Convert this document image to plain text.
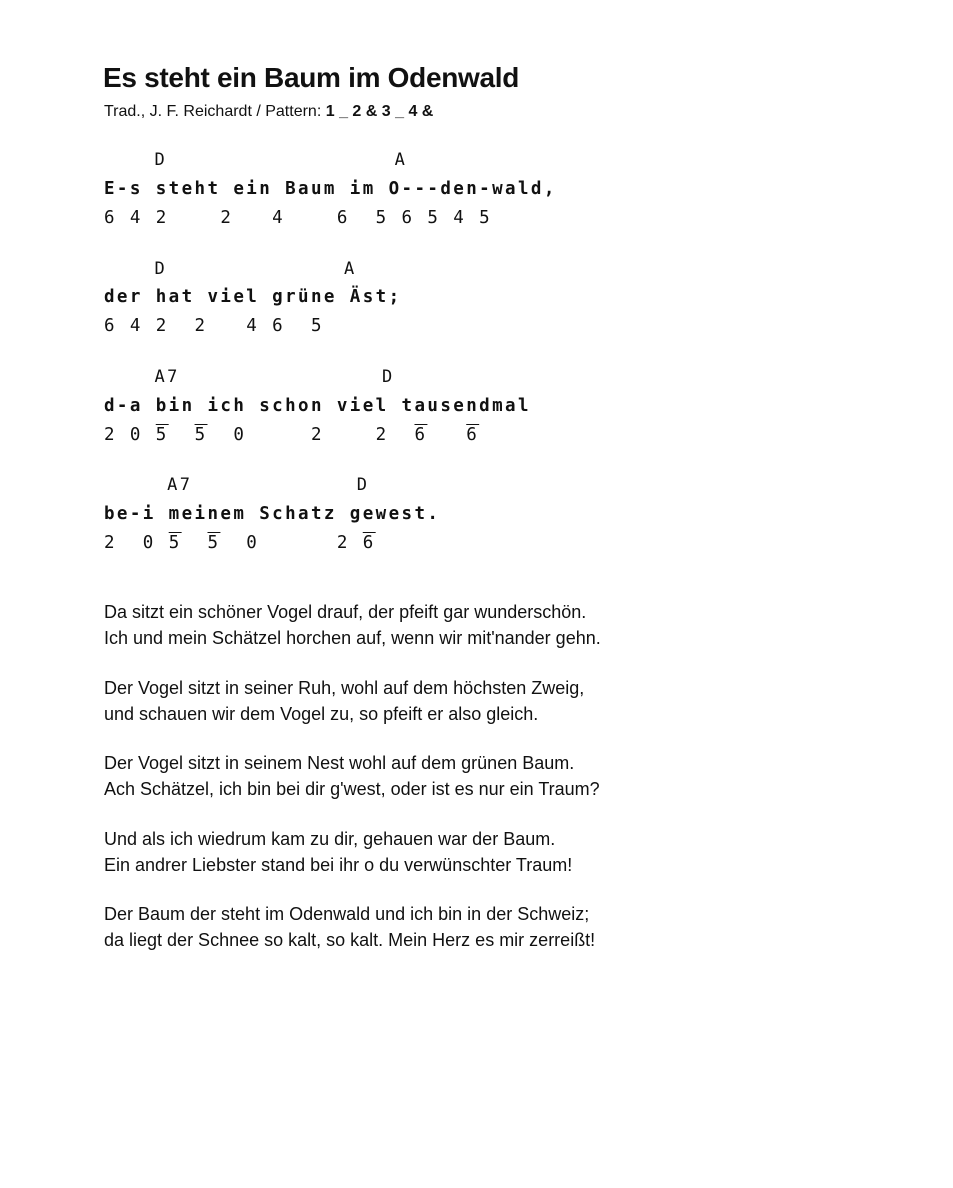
Es steht ein Baum im Odenwald
Trad., J. F. Reichardt / Pattern: 1 _ 2 & 3 _ 4 &
D                  A
E-s steht ein Baum im O---den-wald,
6 4 2    2   4    6  5 6 5 4 5
D              A
der hat viel grüne Äst;
6 4 2  2   4 6  5
A7                D
d-a bin ich schon viel tausendmal
2 0 5 5  0     2    2  6 6
A7             D
be-i meinem Schatz gewest.
2  0 5 5  0      2 6
Da sitzt ein schöner Vogel drauf, der pfeift gar wunderschön.
Ich und mein Schätzel horchen auf, wenn wir mit'nander gehn.
Der Vogel sitzt in seiner Ruh, wohl auf dem höchsten Zweig,
und schauen wir dem Vogel zu, so pfeift er also gleich.
Der Vogel sitzt in seinem Nest wohl auf dem grünen Baum.
Ach Schätzel, ich bin bei dir g'west, oder ist es nur ein Traum?
Und als ich wiedrum kam zu dir, gehauen war der Baum.
Ein andrer Liebster stand bei ihr o du verwünschter Traum!
Der Baum der steht im Odenwald und ich bin in der Schweiz;
da liegt der Schnee so kalt, so kalt. Mein Herz es mir zerreißt!
